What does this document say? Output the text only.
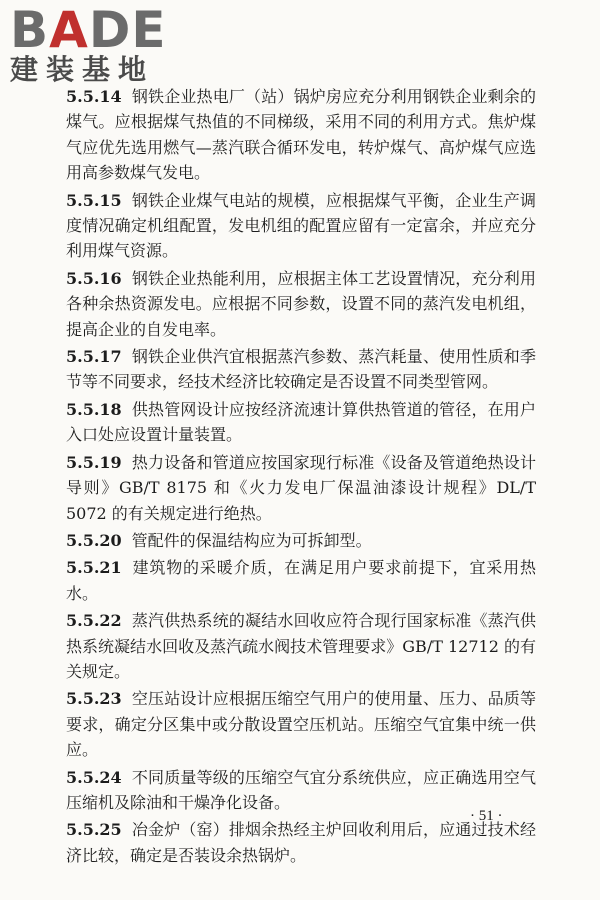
BADE
建装基地

5.5.14 钢铁企业热电厂（站）锅炉房应充分利用钢铁企业剩余的煤气。应根据煤气热值的不同梯级，采用不同的利用方式。焦炉煤气应优先选用燃气—蒸汽联合循环发电，转炉煤气、高炉煤气应选用高参数煤气发电。

5.5.15 钢铁企业煤气电站的规模，应根据煤气平衡，企业生产调度情况确定机组配置，发电机组的配置应留有一定富余，并应充分利用煤气资源。

5.5.16 钢铁企业热能利用，应根据主体工艺设置情况，充分利用各种余热资源发电。应根据不同参数，设置不同的蒸汽发电机组，提高企业的自发电率。

5.5.17 钢铁企业供汽宜根据蒸汽参数、蒸汽耗量、使用性质和季节等不同要求，经技术经济比较确定是否设置不同类型管网。

5.5.18 供热管网设计应按经济流速计算供热管道的管径，在用户入口处应设置计量装置。

5.5.19 热力设备和管道应按国家现行标准《设备及管道绝热设计导则》GB/T 8175 和《火力发电厂保温油漆设计规程》DL/T 5072 的有关规定进行绝热。

5.5.20 管配件的保温结构应为可拆卸型。

5.5.21 建筑物的采暖介质，在满足用户要求前提下，宜采用热水。

5.5.22 蒸汽供热系统的凝结水回收应符合现行国家标准《蒸汽供热系统凝结水回收及蒸汽疏水阀技术管理要求》GB/T 12712 的有关规定。

5.5.23 空压站设计应根据压缩空气用户的使用量、压力、品质等要求，确定分区集中或分散设置空压机站。压缩空气宜集中统一供应。

5.5.24 不同质量等级的压缩空气宜分系统供应，应正确选用空气压缩机及除油和干燥净化设备。

5.5.25 冶金炉（窑）排烟余热经主炉回收利用后，应通过技术经济比较，确定是否装设余热锅炉。

· 51 ·
